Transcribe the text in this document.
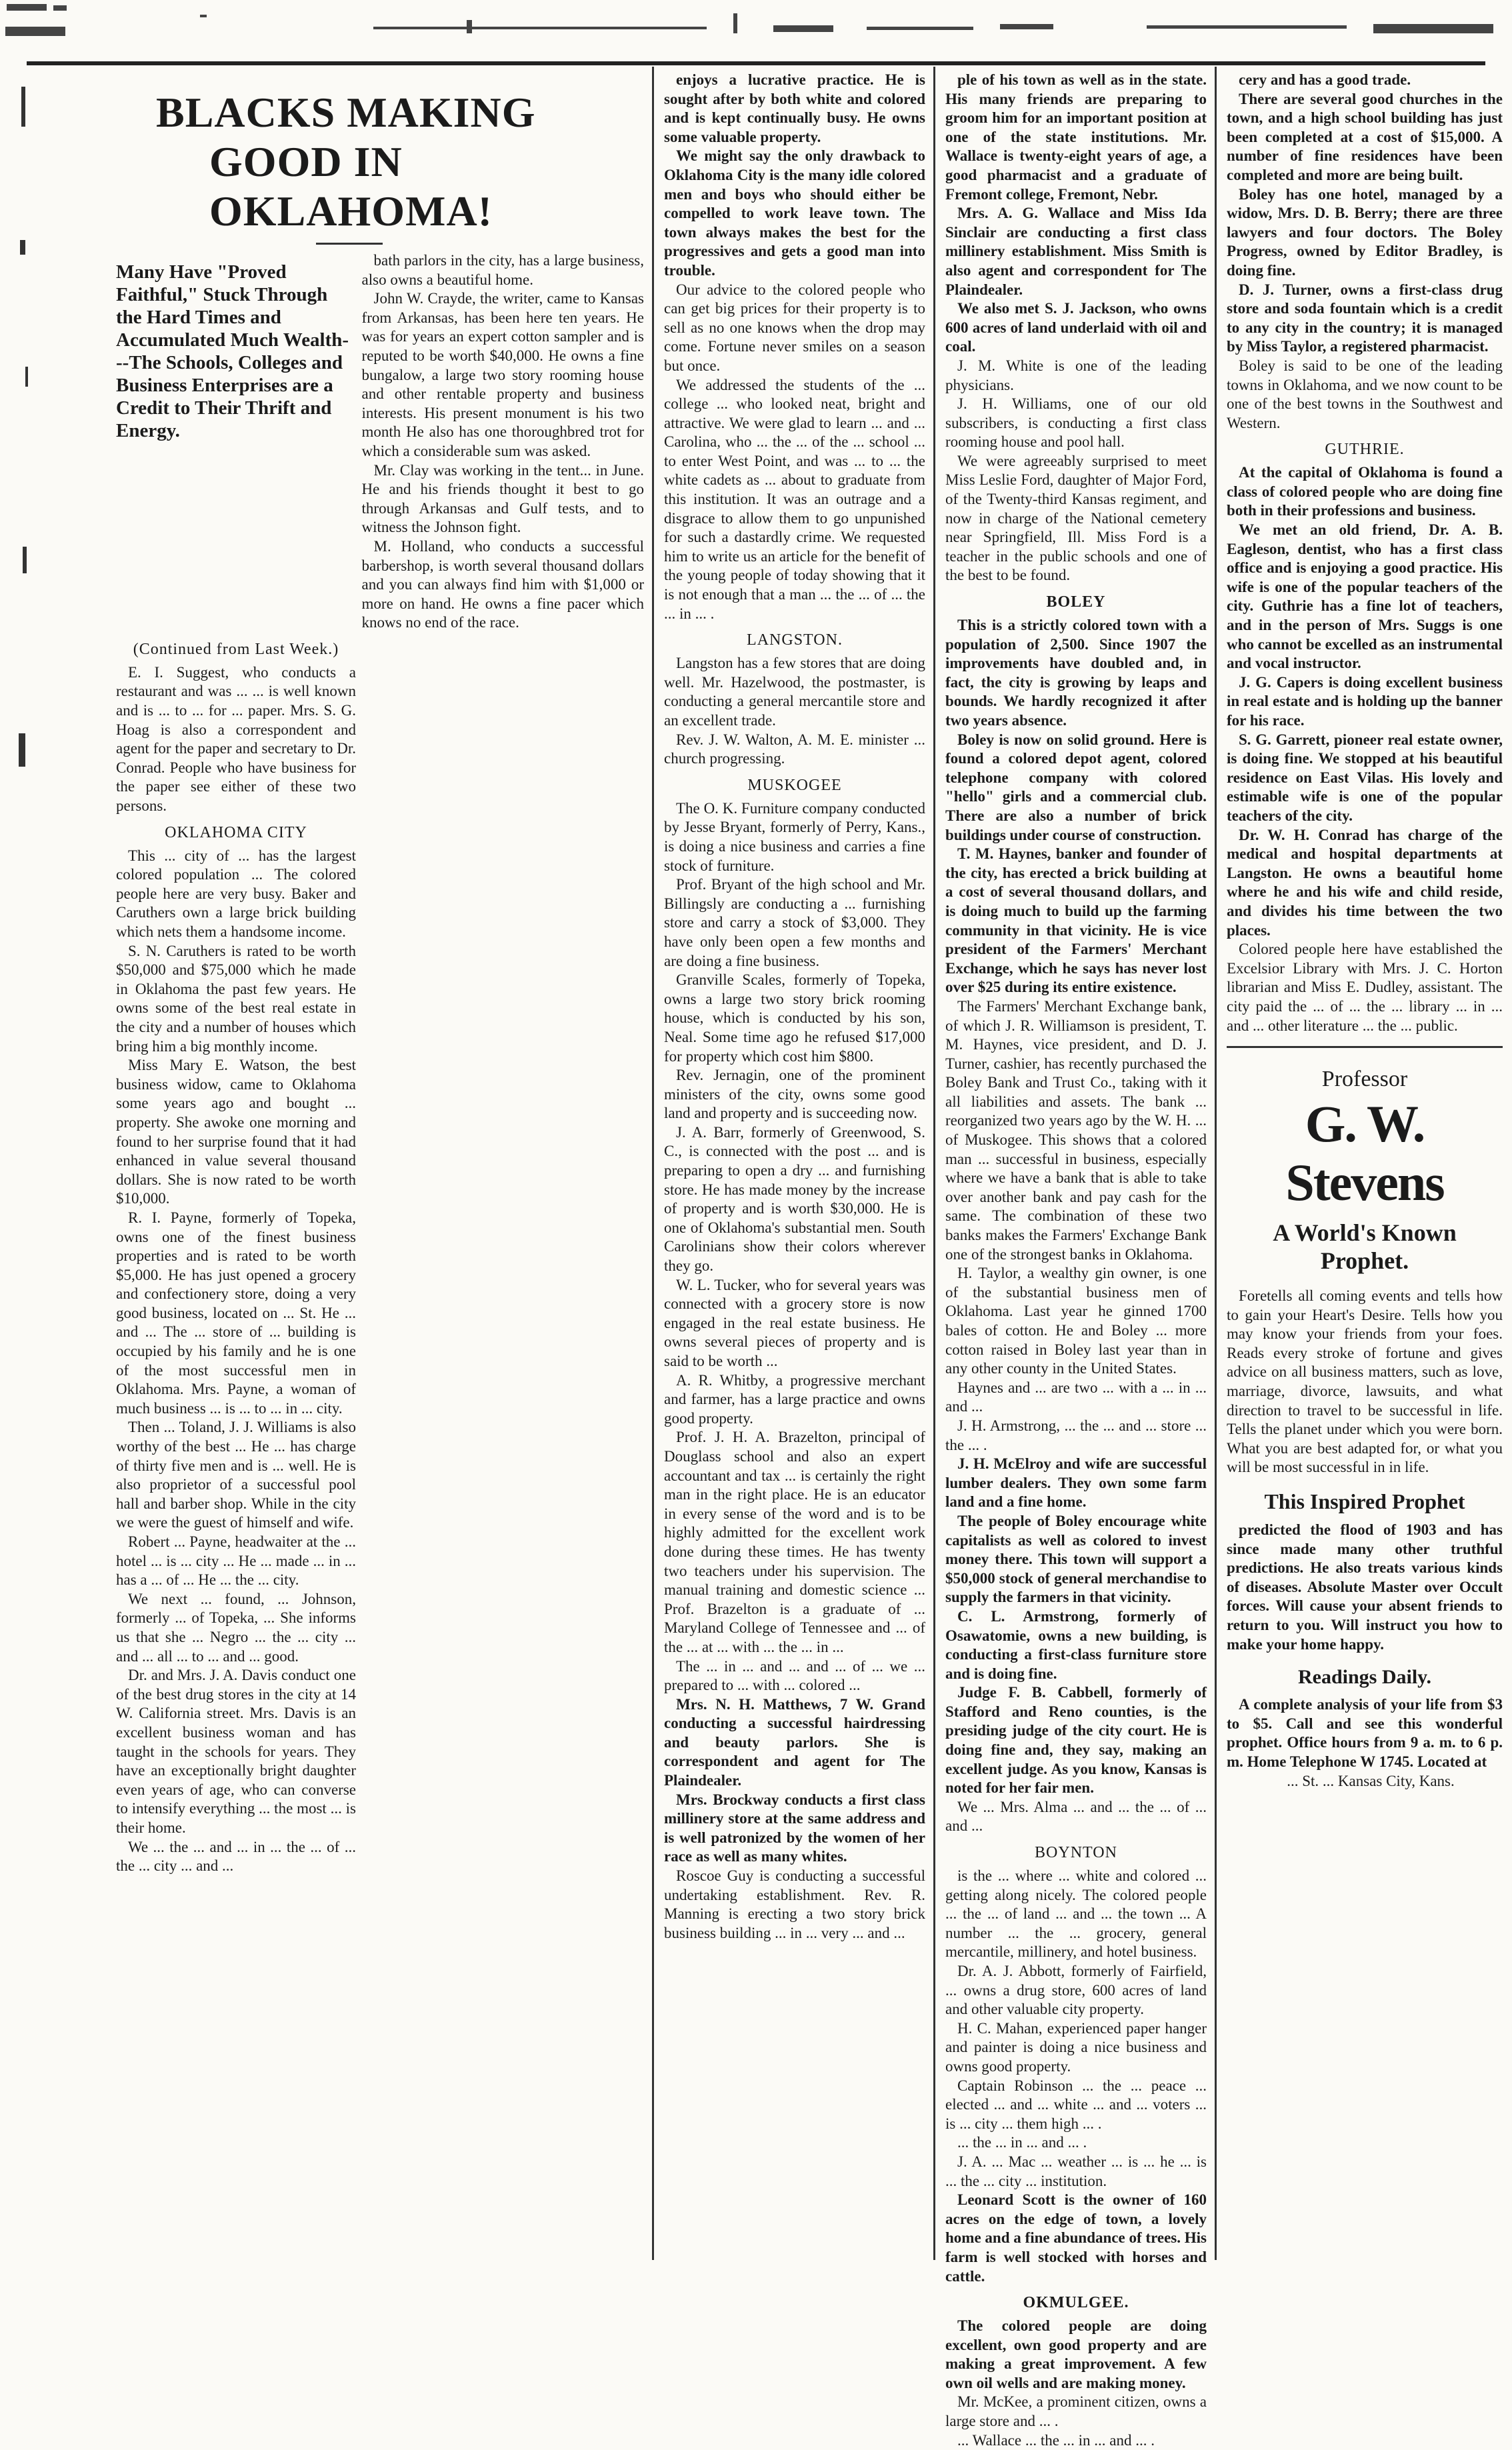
BLACKS MAKING
GOOD IN OKLAHOMA!
Many Have "Proved Faithful," Stuck Through the Hard Times and Accumulated Much Wealth---The Schools, Colleges and Business Enterprises are a Credit to Their Thrift and Energy.

bath parlors in the city, has a large business, also owns a beautiful home.

John W. Crayde, the writer, came to Kansas from Arkansas, has been here ten years. He was for years an expert cotton sampler and is reputed to be worth $40,000. He owns a fine bungalow, a large two story rooming house and other rentable property and business interests. His present monument is his two month He also has one thoroughbred trot for which a considerable sum was asked.

Mr. Clay was working in the tent... in June. He and his friends thought it best to go through Arkansas and Gulf tests, and to witness the Johnson fight.

M. Holland, who conducts a successful barbershop, is worth several thousand dollars and you can always find him with $1,000 or more on hand. He owns a fine pacer which knows no end of the race.

(Continued from Last Week.)

E. I. Suggest, who conducts a restaurant and was ... ... is well known and is ... to ... for ... paper. Mrs. S. G. Hoag is also a correspondent and agent for the paper and secretary to Dr. Conrad. People who have business for the paper see either of these two persons.

OKLAHOMA CITY

This ... city of ... has the largest colored population ... The colored people here are very busy. Baker and Caruthers own a large brick building which nets them a handsome income.

S. N. Caruthers is rated to be worth $50,000 and $75,000 which he made in Oklahoma the past few years. He owns some of the best real estate in the city and a number of houses which bring him a big monthly income.

Miss Mary E. Watson, the best business widow, came to Oklahoma some years ago and bought ... property. She awoke one morning and found to her surprise found that it had enhanced in value several thousand dollars. She is now rated to be worth $10,000.

R. I. Payne, formerly of Topeka, owns one of the finest business properties and is rated to be worth $5,000. He has just opened a grocery and confectionery store, doing a very good business, located on ... St. He ... and ... The ... store of ... building is occupied by his family and he is one of the most successful men in Oklahoma. Mrs. Payne, a woman of much business ... is ... to ... in ... city.

Then ... Toland, J. J. Williams is also worthy of the best ... He ... has charge of thirty five men and is ... well. He is also proprietor of a successful pool hall and barber shop. While in the city we were the guest of himself and wife.

Robert ... Payne, headwaiter at the ... hotel ... is ... city ... He ... made ... in ... has a ... of ... He ... the ... city.

We next ... found, ... Johnson, formerly ... of Topeka, ... She informs us that she ... Negro ... the ... city ... and ... all ... to ... and ... good.

Dr. and Mrs. J. A. Davis conduct one of the best drug stores in the city at 14 W. California street. Mrs. Davis is an excellent business woman and has taught in the schools for years. They have an exceptionally bright daughter even years of age, who can converse to intensify everything ... the most ... is their home.

We ... the ... and ... in ... the ... of ... the ... city ... and ...

enjoys a lucrative practice. He is sought after by both white and colored and is kept continually busy. He owns some valuable property.

We might say the only drawback to Oklahoma City is the many idle colored men and boys who should either be compelled to work leave town. The town always makes the best for the progressives and gets a good man into trouble.

Our advice to the colored people who can get big prices for their property is to sell as no one knows when the drop may come. Fortune never smiles on a season but once.

We addressed the students of the ... college ... who looked neat, bright and attractive. We were glad to learn ... and ... Carolina, who ... the ... of the ... school ... to enter West Point, and was ... to ... the white cadets as ... about to graduate from this institution. It was an outrage and a disgrace to allow them to go unpunished for such a dastardly crime. We requested him to write us an article for the benefit of the young people of today showing that it is not enough that a man ... the ... of ... the ... in ... .

LANGSTON.

Langston has a few stores that are doing well. Mr. Hazelwood, the postmaster, is conducting a general mercantile store and an excellent trade.

Rev. J. W. Walton, A. M. E. minister ... church progressing.

MUSKOGEE

The O. K. Furniture company conducted by Jesse Bryant, formerly of Perry, Kans., is doing a nice business and carries a fine stock of furniture.

Prof. Bryant of the high school and Mr. Billingsly are conducting a ... furnishing store and carry a stock of $3,000. They have only been open a few months and are doing a fine business.

Granville Scales, formerly of Topeka, owns a large two story brick rooming house, which is conducted by his son, Neal. Some time ago he refused $17,000 for property which cost him $800.

Rev. Jernagin, one of the prominent ministers of the city, owns some good land and property and is succeeding now.

J. A. Barr, formerly of Greenwood, S. C., is connected with the post ... and is preparing to open a dry ... and furnishing store. He has made money by the increase of property and is worth $30,000. He is one of Oklahoma's substantial men. South Carolinians show their colors wherever they go.

W. L. Tucker, who for several years was connected with a grocery store is now engaged in the real estate business. He owns several pieces of property and is said to be worth ...

A. R. Whitby, a progressive merchant and farmer, has a large practice and owns good property.

Prof. J. H. A. Brazelton, principal of Douglass school and also an expert accountant and tax ... is certainly the right man in the right place. He is an educator in every sense of the word and is to be highly admitted for the excellent work done during these times. He has twenty two teachers under his supervision. The manual training and domestic science ... Prof. Brazelton is a graduate of ... Maryland College of Tennessee and ... of the ... at ... with ... the ... in ...

The ... in ... and ... and ... of ... we ... prepared to ... with ... colored ...

Mrs. N. H. Matthews, 7 W. Grand conducting a successful hairdressing and beauty parlors. She is correspondent and agent for The Plaindealer.

Mrs. Brockway conducts a first class millinery store at the same address and is well patronized by the women of her race as well as many whites.

Roscoe Guy is conducting a successful undertaking establishment. Rev. R. Manning is erecting a two story brick business building ... in ... very ... and ...

ple of his town as well as in the state. His many friends are preparing to groom him for an important position at one of the state institutions. Mr. Wallace is twenty-eight years of age, a good pharmacist and a graduate of Fremont college, Fremont, Nebr.

Mrs. A. G. Wallace and Miss Ida Sinclair are conducting a first class millinery establishment. Miss Smith is also agent and correspondent for The Plaindealer.

We also met S. J. Jackson, who owns 600 acres of land underlaid with oil and coal.

J. M. White is one of the leading physicians.

J. H. Williams, one of our old subscribers, is conducting a first class rooming house and pool hall.

We were agreeably surprised to meet Miss Leslie Ford, daughter of Major Ford, of the Twenty-third Kansas regiment, and now in charge of the National cemetery near Springfield, Ill. Miss Ford is a teacher in the public schools and one of the best to be found.

BOLEY

This is a strictly colored town with a population of 2,500. Since 1907 the improvements have doubled and, in fact, the city is growing by leaps and bounds. We hardly recognized it after two years absence.

Boley is now on solid ground. Here is found a colored depot agent, colored telephone company with colored "hello" girls and a commercial club. There are also a number of brick buildings under course of construction.

T. M. Haynes, banker and founder of the city, has erected a brick building at a cost of several thousand dollars, and is doing much to build up the farming community in that vicinity. He is vice president of the Farmers' Merchant Exchange, which he says has never lost over $25 during its entire existence.

The Farmers' Merchant Exchange bank, of which J. R. Williamson is president, T. M. Haynes, vice president, and D. J. Turner, cashier, has recently purchased the Boley Bank and Trust Co., taking with it all liabilities and assets. The bank ... reorganized two years ago by the W. H. ... of Muskogee. This shows that a colored man ... successful in business, especially where we have a bank that is able to take over another bank and pay cash for the same. The combination of these two banks makes the Farmers' Exchange Bank one of the strongest banks in Oklahoma.

H. Taylor, a wealthy gin owner, is one of the substantial business men of Oklahoma. Last year he ginned 1700 bales of cotton. He and Boley ... more cotton raised in Boley last year than in any other county in the United States.

Haynes and ... are two ... with a ... in ... and ...

J. H. Armstrong, ... the ... and ... store ... the ... .

J. H. McElroy and wife are successful lumber dealers. They own some farm land and a fine home.

The people of Boley encourage white capitalists as well as colored to invest money there. This town will support a $50,000 stock of general merchandise to supply the farmers in that vicinity.

C. L. Armstrong, formerly of Osawatomie, owns a new building, is conducting a first-class furniture store and is doing fine.

Judge F. B. Cabbell, formerly of Stafford and Reno counties, is the presiding judge of the city court. He is doing fine and, they say, making an excellent judge. As you know, Kansas is noted for her fair men.

We ... Mrs. Alma ... and ... the ... of ... and ...

BOYNTON

is the ... where ... white and colored ... getting along nicely. The colored people ... the ... of land ... and ... the town ... A number ... the ... grocery, general mercantile, millinery, and hotel business.

Dr. A. J. Abbott, formerly of Fairfield, ... owns a drug store, 600 acres of land and other valuable city property.

H. C. Mahan, experienced paper hanger and painter is doing a nice business and owns good property.

Captain Robinson ... the ... peace ... elected ... and ... white ... and ... voters ... is ... city ... them high ... .

... the ... in ... and ... .

J. A. ... Mac ... weather ... is ... he ... is ... the ... city ... institution.

Leonard Scott is the owner of 160 acres on the edge of town, a lovely home and a fine abundance of trees. His farm is well stocked with horses and cattle.

OKMULGEE.

The colored people are doing excellent, own good property and are making a great improvement. A few own oil wells and are making money.

Mr. McKee, a prominent citizen, owns a large store and ... .

... Wallace ... the ... in ... and ... .

cery and has a good trade.

There are several good churches in the town, and a high school building has just been completed at a cost of $15,000. A number of fine residences have been completed and more are being built.

Boley has one hotel, managed by a widow, Mrs. D. B. Berry; there are three lawyers and four doctors. The Boley Progress, owned by Editor Bradley, is doing fine.

D. J. Turner, owns a first-class drug store and soda fountain which is a credit to any city in the country; it is managed by Miss Taylor, a registered pharmacist.

Boley is said to be one of the leading towns in Oklahoma, and we now count to be one of the best towns in the Southwest and Western.

GUTHRIE.

At the capital of Oklahoma is found a class of colored people who are doing fine both in their professions and business.

We met an old friend, Dr. A. B. Eagleson, dentist, who has a first class office and is enjoying a good practice. His wife is one of the popular teachers of the city. Guthrie has a fine lot of teachers, and in the person of Mrs. Suggs is one who cannot be excelled as an instrumental and vocal instructor.

J. G. Capers is doing excellent business in real estate and is holding up the banner for his race.

S. G. Garrett, pioneer real estate owner, is doing fine. We stopped at his beautiful residence on East Vilas. His lovely and estimable wife is one of the popular teachers of the city.

Dr. W. H. Conrad has charge of the medical and hospital departments at Langston. He owns a beautiful home where he and his wife and child reside, and divides his time between the two places.

Colored people here have established the Excelsior Library with Mrs. J. C. Horton librarian and Miss E. Dudley, assistant. The city paid the ... of ... the ... library ... in ... and ... other literature ... the ... public.

Professor
G. W. Stevens
A World's Known Prophet.

Foretells all coming events and tells how to gain your Heart's Desire. Tells how you may know your friends from your foes. Reads every stroke of fortune and gives advice on all business matters, such as love, marriage, divorce, lawsuits, and what direction to travel to be successful in life. Tells the planet under which you were born. What you are best adapted for, or what you will be most successful in in life.

This Inspired Prophet

predicted the flood of 1903 and has since made many other truthful predictions. He also treats various kinds of diseases. Absolute Master over Occult forces. Will cause your absent friends to return to you. Will instruct you how to make your home happy.

Readings Daily.

A complete analysis of your life from $3 to $5. Call and see this wonderful prophet. Office hours from 9 a. m. to 6 p. m. Home Telephone W 1745. Located at

... St. ... Kansas City, Kans.
